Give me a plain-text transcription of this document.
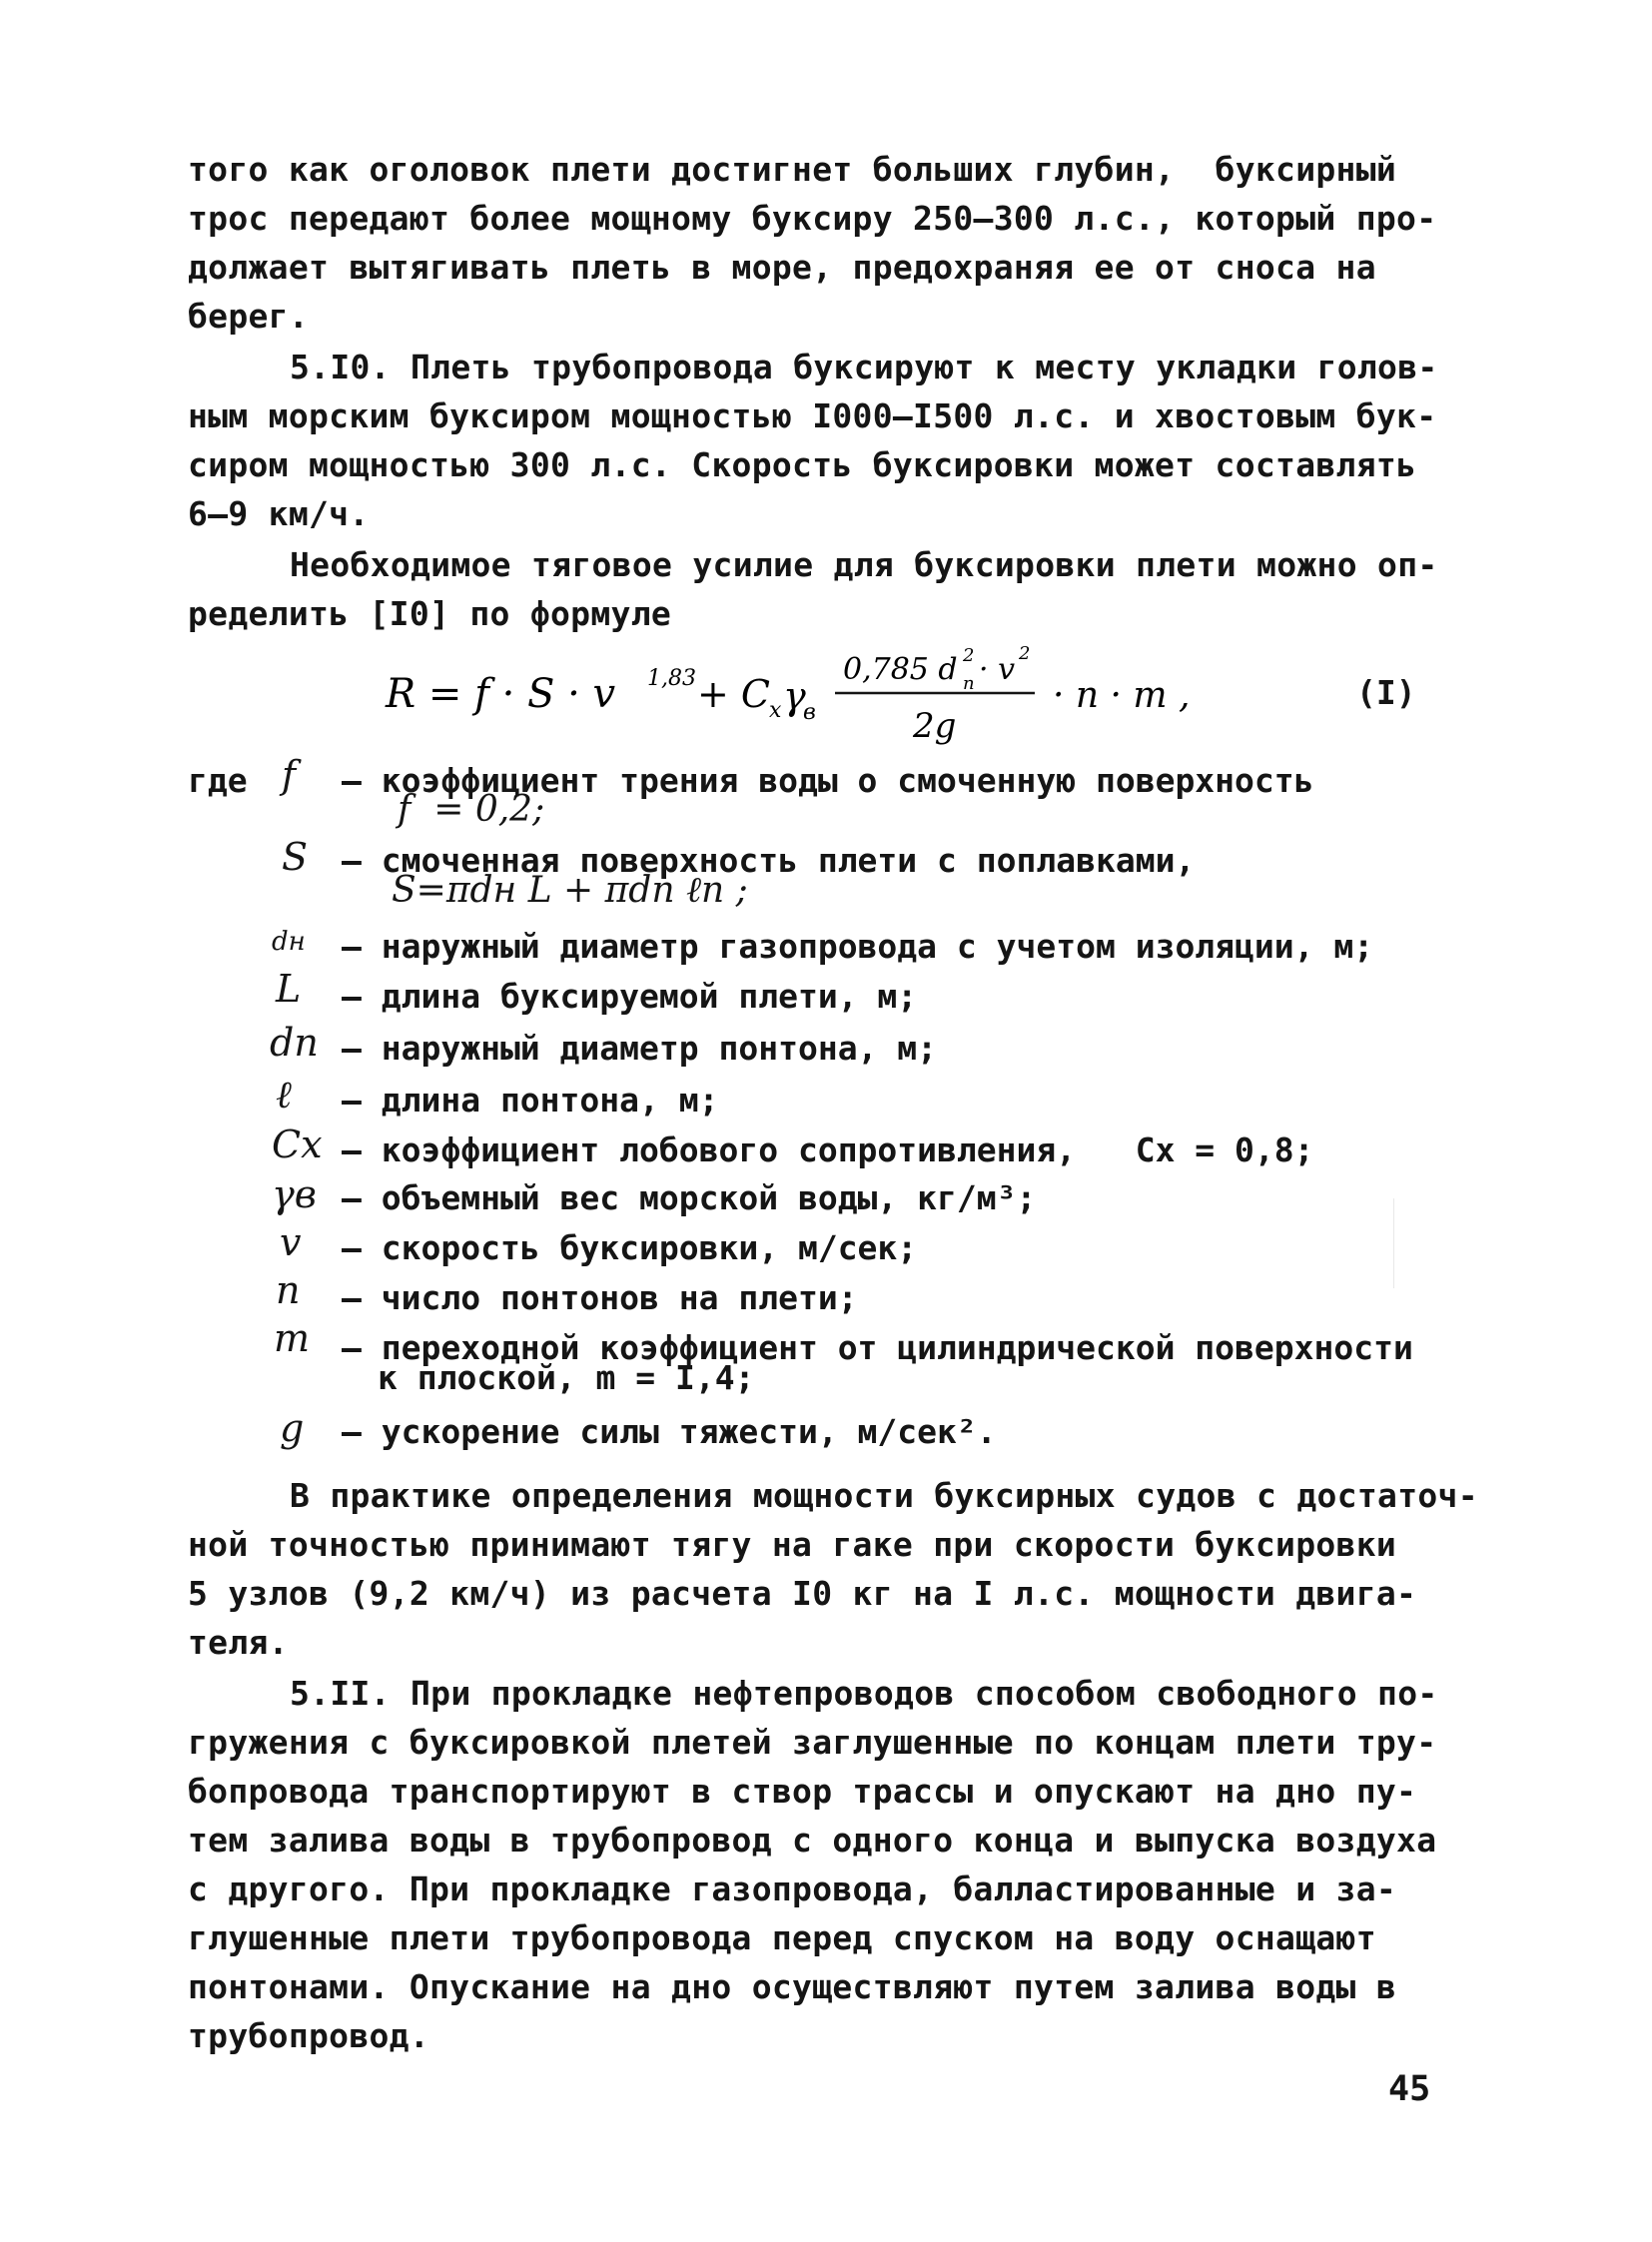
того как оголовок плети достигнет больших глубин,  буксирный
трос передают более мощному буксиру 250–300 л.с., который про-
должает вытягивать плеть в море, предохраняя ее от сноса на
берег.
5.I0. Плеть трубопровода буксируют к месту укладки голов-
ным морским буксиром мощностью I000–I500 л.с. и хвостовым бук-
сиром мощностью 300 л.с. Скорость буксировки может составлять
6–9 км/ч.
Необходимое тяговое усилие для буксировки плети можно оп-
ределить [I0] по формуле
R = f · S · v 1,83 + C x γ
в
0,785 d п
2 · v 2
2g
· n · m ,	(I)
где f – коэффициент трения воды о смоченную поверхность
f  = 0,2;
S – смоченная поверхность плети с поплавками,
S=πdн L + πdп ℓn ;
dн – наружный диаметр газопровода с учетом изоляции, м;
L – длина буксируемой плети, м;
dп – наружный диаметр понтона, м;
ℓ – длина понтона, м;
Cx – коэффициент лобового сопротивления,   Cx = 0,8;
γв – объемный вес морской воды, кг/м³;
v – скорость буксировки, м/сек;
n – число понтонов на плети;
m – переходной коэффициент от цилиндрической поверхности
к плоской, m = I,4;
g – ускорение силы тяжести, м/сек².
В практике определения мощности буксирных судов с достаточ-
ной точностью принимают тягу на гаке при скорости буксировки
5 узлов (9,2 км/ч) из расчета I0 кг на I л.с. мощности двига-
теля.
5.II. При прокладке нефтепроводов способом свободного по-
гружения с буксировкой плетей заглушенные по концам плети тру-
бопровода транспортируют в створ трассы и опускают на дно пу-
тем залива воды в трубопровод с одного конца и выпуска воздуха
с другого. При прокладке газопровода, балластированные и за-
глушенные плети трубопровода перед спуском на воду оснащают
понтонами. Опускание на дно осуществляют путем залива воды в
трубопровод.
45
